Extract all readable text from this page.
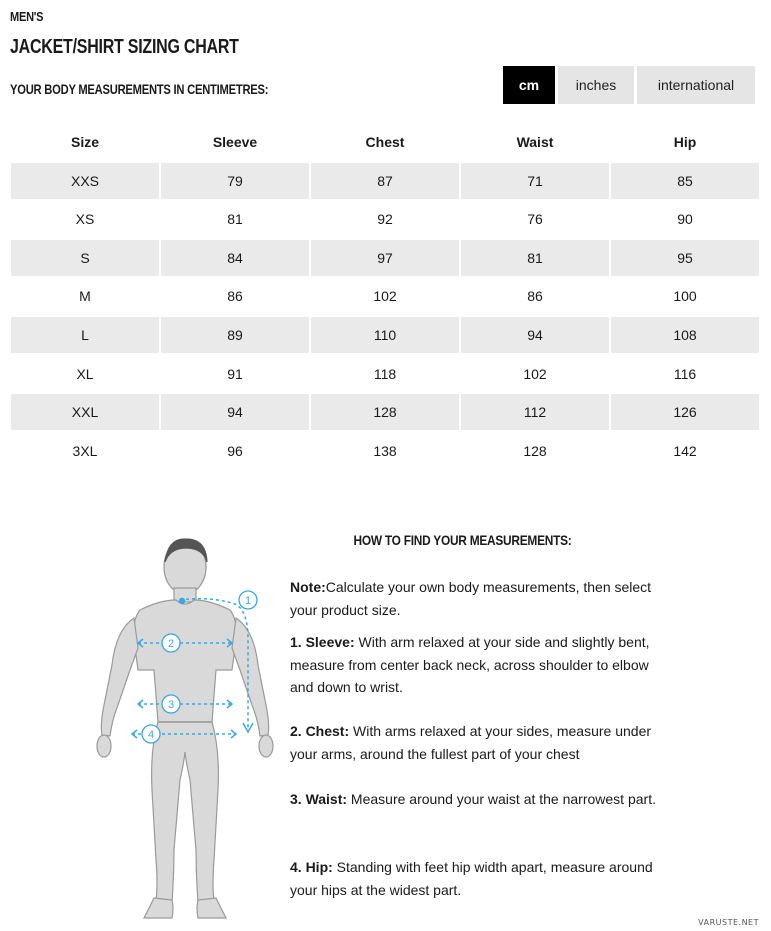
MEN'S
JACKET/SHIRT SIZING CHART
YOUR BODY MEASUREMENTS IN CENTIMETRES:	cm	inches	international
Size	Sleeve	Chest	Waist	Hip
XXS	79	87	71	85
XS	81	92	76	90
S	84	97	81	95
M	86	102	86	100
L	89	110	94	108
XL	91	118	102	116
XXL	94	128	112	126
3XL	96	138	128	142
1
2
3
4
HOW TO FIND YOUR MEASUREMENTS:
Note:Calculate your own body measurements, then select your product size.
1. Sleeve: With arm relaxed at your side and slightly bent, measure from center back neck, across shoulder to elbow and down to wrist.
2. Chest: With arms relaxed at your sides, measure under your arms, around the fullest part of your chest
3. Waist: Measure around your waist at the narrowest part.
4. Hip: Standing with feet hip width apart, measure around your hips at the widest part.
VARUSTE.NET
